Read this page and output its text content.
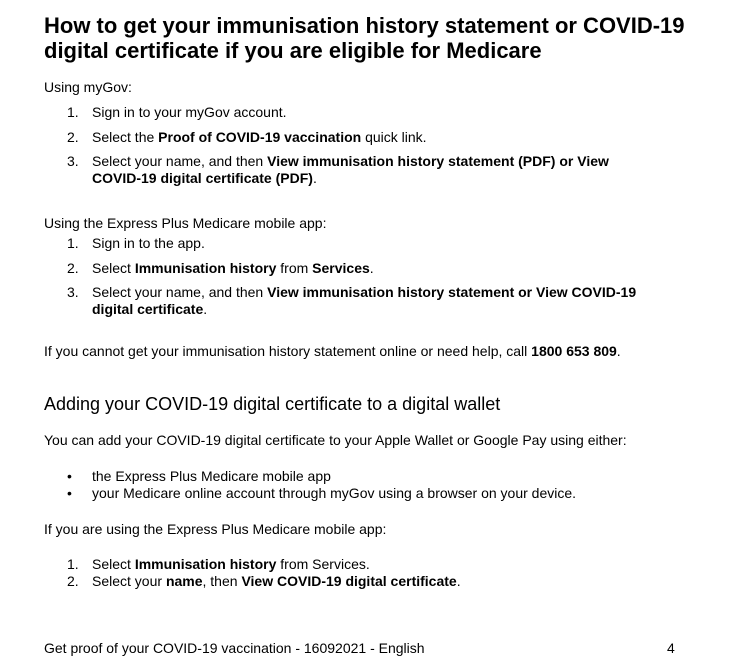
How to get your immunisation history statement or COVID-19
digital certificate if you are eligible for Medicare
Using myGov:
1. Sign in to your myGov account.
2. Select the Proof of COVID-19 vaccination quick link.
3. Select your name, and then View immunisation history statement (PDF) or View
COVID-19 digital certificate (PDF).
Using the Express Plus Medicare mobile app:
1. Sign in to the app.
2. Select Immunisation history from Services.
3. Select your name, and then View immunisation history statement or View COVID-19
digital certificate.
If you cannot get your immunisation history statement online or need help, call 1800 653 809.
Adding your COVID-19 digital certificate to a digital wallet
You can add your COVID-19 digital certificate to your Apple Wallet or Google Pay using either:
• the Express Plus Medicare mobile app
• your Medicare online account through myGov using a browser on your device.
If you are using the Express Plus Medicare mobile app:
1. Select Immunisation history from Services.
2. Select your name, then View COVID-19 digital certificate.
Get proof of your COVID-19 vaccination - 16092021 - English	4
